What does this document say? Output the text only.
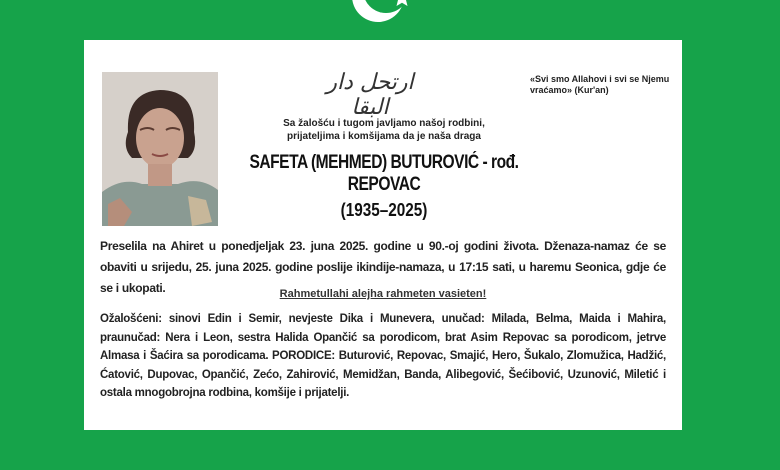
ارتحل دار البقا
«Svi smo Allahovi i svi se Njemu vraćamo» (Kur'an)
Sa žalošću i tugom javljamo našoj rodbini,
prijateljima i komšijama da je naša draga
SAFETA (MEHMED) BUTUROVIĆ - rođ. REPOVAC
(1935–2025)
Preselila na Ahiret u ponedjeljak 23. juna 2025. godine u 90.-oj godini života. Dženaza-namaz će se obaviti u srijedu, 25. juna 2025. godine poslije ikindije-namaza, u 17:15 sati, u haremu Seonica, gdje će se i ukopati.	Rahmetullahi alejha rahmeten vasieten!
Ožalošćeni: sinovi Edin i Semir, nevjeste Dika i Munevera, unučad: Milada, Belma, Maida i Mahira, praunučad: Nera i Leon, sestra Halida Opančić sa porodicom, brat Asim Repovac sa porodicom, jetrve Almasa i Šaćira sa porodicama. PORODICE: Buturović, Repovac, Smajić, Hero, Šukalo, Zlomužica, Hadžić, Ćatović, Dupovac, Opančić, Zećo, Zahirović, Memidžan, Banda, Alibegović, Šećibović, Uzunović, Miletić i ostala mnogobrojna rodbina, komšije i prijatelji.
